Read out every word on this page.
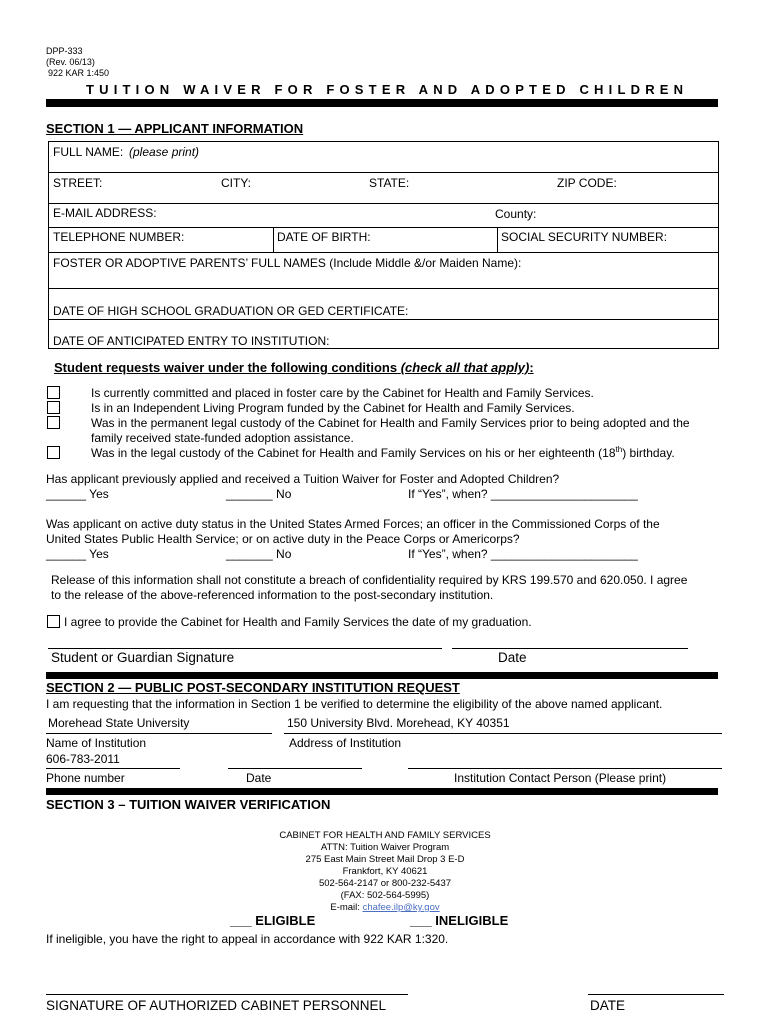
DPP-333
(Rev. 06/13)
922 KAR 1:450
TUITION WAIVER FOR FOSTER AND ADOPTED CHILDREN
SECTION 1 — APPLICANT INFORMATION
FULL NAME: (please print)
STREET:	CITY:	STATE:	ZIP CODE:
E-MAIL ADDRESS:	County:
TELEPHONE NUMBER:	DATE OF BIRTH:	SOCIAL SECURITY NUMBER:
FOSTER OR ADOPTIVE PARENTS’ FULL NAMES (Include Middle &/or Maiden Name):
DATE OF HIGH SCHOOL GRADUATION OR GED CERTIFICATE:
DATE OF ANTICIPATED ENTRY TO INSTITUTION:
Student requests waiver under the following conditions (check all that apply):
Is currently committed and placed in foster care by the Cabinet for Health and Family Services.
Is in an Independent Living Program funded by the Cabinet for Health and Family Services.
Was in the permanent legal custody of the Cabinet for Health and Family Services prior to being adopted and the
family received state-funded adoption assistance.
Was in the legal custody of the Cabinet for Health and Family Services on his or her eighteenth (18th) birthday.
Has applicant previously applied and received a Tuition Waiver for Foster and Adopted Children?
______ Yes	_______ No	If “Yes”, when? ______________________
Was applicant on active duty status in the United States Armed Forces; an officer in the Commissioned Corps of the
United States Public Health Service; or on active duty in the Peace Corps or Americorps?
______ Yes	_______ No	If “Yes”, when? ______________________
Release of this information shall not constitute a breach of confidentiality required by KRS 199.570 and 620.050. I agree
to the release of the above-referenced information to the post-secondary institution.
I agree to provide the Cabinet for Health and Family Services the date of my graduation.
Student or Guardian Signature	Date
SECTION 2 — PUBLIC POST-SECONDARY INSTITUTION REQUEST
I am requesting that the information in Section 1 be verified to determine the eligibility of the above named applicant.
Morehead State University	150 University Blvd. Morehead, KY 40351
Name of Institution	Address of Institution
606-783-2011
Phone number	Date	Institution Contact Person (Please print)
SECTION 3 – TUITION WAIVER VERIFICATION
CABINET FOR HEALTH AND FAMILY SERVICES
ATTN: Tuition Waiver Program
275 East Main Street Mail Drop 3 E-D
Frankfort, KY 40621
502-564-2147 or 800-232-5437
(FAX: 502-564-5995)
E-mail: chafee.ilp@ky.gov
___ ELIGIBLE	___ INELIGIBLE
If ineligible, you have the right to appeal in accordance with 922 KAR 1:320.
SIGNATURE OF AUTHORIZED CABINET PERSONNEL	DATE
